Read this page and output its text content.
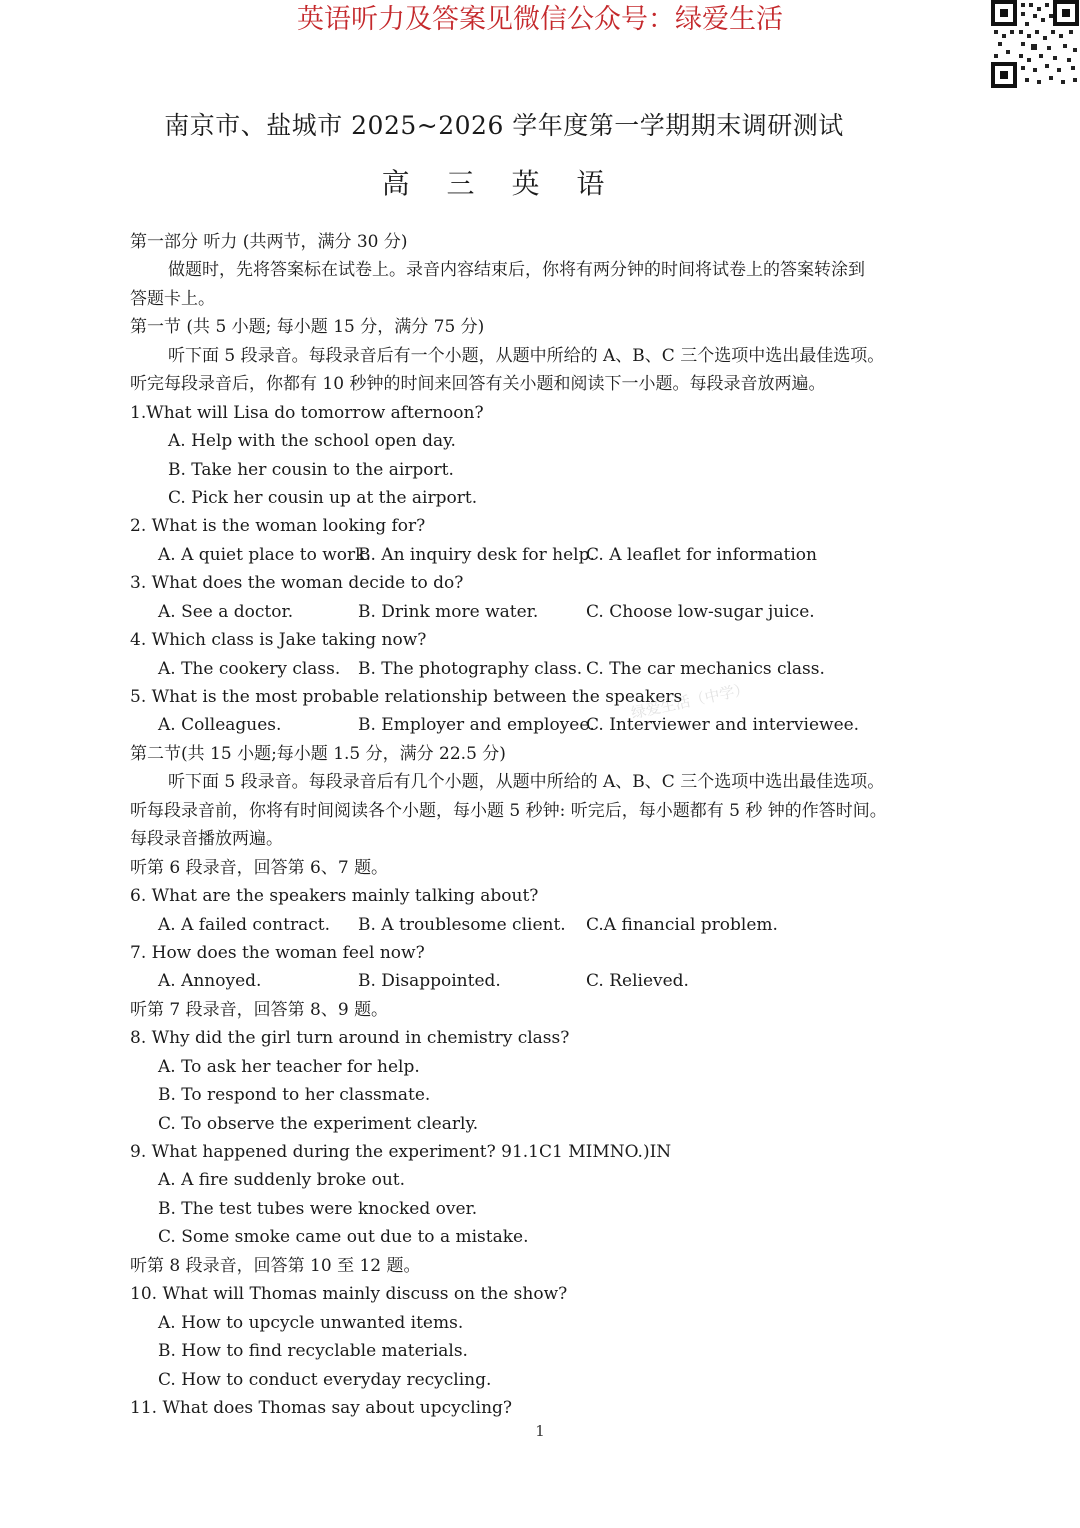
英语听力及答案见微信公众号：绿爱生活
南京市、盐城市 2025~2026 学年度第一学期期末调研测试
高 三 英 语
绿爱生活（中学）
第一部分 听力 (共两节，满分 30 分)
做题时，先将答案标在试卷上。录音内容结束后，你将有两分钟的时间将试卷上的答案转涂到
答题卡上。
第一节 (共 5 小题; 每小题 15 分，满分 75 分)
听下面 5 段录音。每段录音后有一个小题，从题中所给的 A、B、C 三个选项中选出最佳选项。
听完每段录音后，你都有 10 秒钟的时间来回答有关小题和阅读下一小题。每段录音放两遍。
1.What will Lisa do tomorrow afternoon?
A. Help with the school open day.
B. Take her cousin to the airport.
C. Pick her cousin up at the airport.
2. What is the woman looking for?
A. A quiet place to work.
B. An inquiry desk for help.
C. A leaflet for information
3. What does the woman decide to do?
A. See a doctor.	B. Drink more water.	C. Choose low-sugar juice.
4. Which class is Jake taking now?
A. The cookery class.	B. The photography class. C. The car mechanics class.
5. What is the most probable relationship between the speakers
A. Colleagues.	B. Employer and employee.
C. Interviewer and interviewee.
第二节(共 15 小题;每小题 1.5 分，满分 22.5 分)
听下面 5 段录音。每段录音后有几个小题，从题中所给的 A、B、C 三个选项中选出最佳选项。
听每段录音前，你将有时间阅读各个小题，每小题 5 秒钟: 听完后，每小题都有 5 秒 钟的作答时间。
每段录音播放两遍。
听第 6 段录音，回答第 6、7 题。
6. What are the speakers mainly talking about?
A. A failed contract.	B. A troublesome client.	C.A financial problem.
7. How does the woman feel now?
A. Annoyed.	B. Disappointed.	C. Relieved.
听第 7 段录音，回答第 8、9 题。
8. Why did the girl turn around in chemistry class?
A. To ask her teacher for help.
B. To respond to her classmate.
C. To observe the experiment clearly.
9. What happened during the experiment? 91.1C1 MIMNO.)IN
A. A fire suddenly broke out.
B. The test tubes were knocked over.
C. Some smoke came out due to a mistake.
听第 8 段录音，回答第 10 至 12 题。
10. What will Thomas mainly discuss on the show?
A. How to upcycle unwanted items.
B. How to find recyclable materials.
C. How to conduct everyday recycling.
11. What does Thomas say about upcycling?
1
